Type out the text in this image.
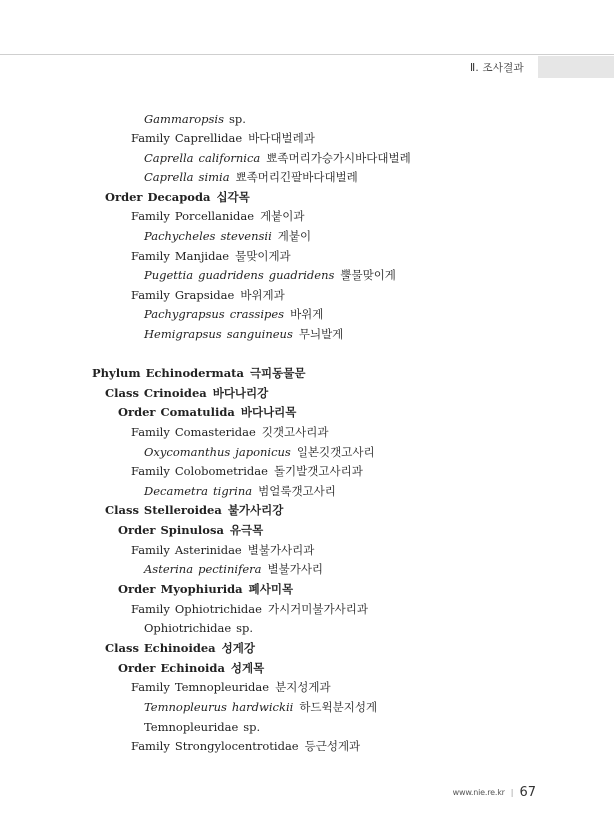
Ⅱ. 조사결과
Gammaropsis sp.
Family Caprellidae 바다대벌레과
Caprella californica 뾰족머리가승가시바다대벌레
Caprella simia 뾰족머리긴팔바다대벌레
Order Decapoda 십각목
Family Porcellanidae 게붙이과
Pachycheles stevensii 게붙이
Family Manjidae 물맞이게과
Pugettia guadridens guadridens 뿔물맞이게
Family Grapsidae 바위게과
Pachygrapsus crassipes 바위게
Hemigrapsus sanguineus 무늬발게
Phylum Echinodermata 극피동물문
Class Crinoidea 바다나리강
Order Comatulida 바다나리목
Family Comasteridae 깃갯고사리과
Oxycomanthus japonicus 일본깃갯고사리
Family Colobometridae 돌기발갯고사리과
Decametra tigrina 범얼룩갯고사리
Class Stelleroidea 불가사리강
Order Spinulosa 유극목
Family Asterinidae 별불가사리과
Asterina pectinifera 별불가사리
Order Myophiurida 폐사미목
Family Ophiotrichidae 가시거미불가사리과
Ophiotrichidae sp.
Class Echinoidea 성게강
Order Echinoida 성게목
Family Temnopleuridae 분지성게과
Temnopleurus hardwickii 하드윅분지성게
Temnopleuridae sp.
Family Strongylocentrotidae 등근성게과
www.nie.re.kr | 67
